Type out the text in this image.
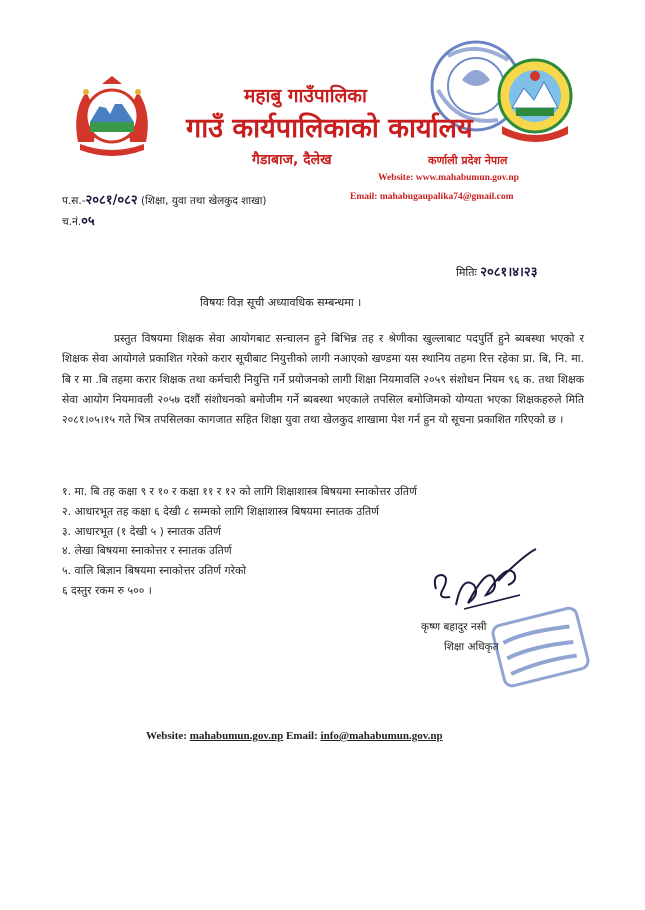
महाबु गाउँपालिका
गाउँ कार्यपालिकाको कार्यालय
गैडाबाज, दैलेख	कर्णाली प्रदेश नेपाल
Website: www.mahabumun.gov.np
Email: mahabugaupalika74@gmail.com
प.स.-२०८१/०८२ (शिक्षा, युवा तथा खेलकुद शाखा)
च.नं.०५
मितिः २०८१।४।२३
विषयः विज्ञ सूची अध्यावधिक सम्बन्धमा ।

प्रस्तुत विषयमा शिक्षक सेवा आयोगबाट सन्चालन हुने बिभिन्न तह र श्रेणीका खुल्लाबाट पदपुर्ति हुने ब्यबस्था भएको र शिक्षक सेवा आयोगले प्रकाशित गरेको करार सूचीबाट नियुत्तीको लागी नआएको खण्डमा यस स्थानिय तहमा रित्त रहेका प्रा. बि, नि. मा. बि र मा .बि तहमा करार शिक्षक तथा कर्मचारी नियुत्ति गर्ने प्रयोजनको लागी शिक्षा नियमावलि २०५९ संशोधन नियम ९६ क. तथा शिक्षक सेवा आयोग नियमावली २०५७ दशौं संशोधनको बमोजीम गर्ने ब्यबस्था भएकाले तपसिल बमोजिमको योग्यता भएका शिक्षकहरुले मिति २०८१।०५।१५ गते भित्र तपसिलका कागजात सहित शिक्षा युवा तथा खेलकुद शाखामा पेश गर्न हुन यो सूचना प्रकाशित गरिएको छ ।

१. मा. बि तह कक्षा ९ र १० र कक्षा ११ र १२ को लागि शिक्षाशास्त्र बिषयमा स्नाकोत्तर उतिर्ण
२. आधारभूत तह कक्षा ६ देखी ८ सम्मको लागि शिक्षाशास्त्र बिषयमा स्नातक उतिर्ण
३. आधारभूत (१ देखी ५ ) स्नातक उतिर्ण
४. लेखा बिषयमा स्नाकोत्तर र स्नातक उतिर्ण
५. वालि बिज्ञान बिषयमा स्नाकोत्तर उतिर्ण गरेको
६ दस्तुर रकम रु ५०० ।
कृष्ण बहादुर नसी
शिक्षा अधिकृत
Website: mahabumun.gov.np Email: info@mahabumun.gov.np
